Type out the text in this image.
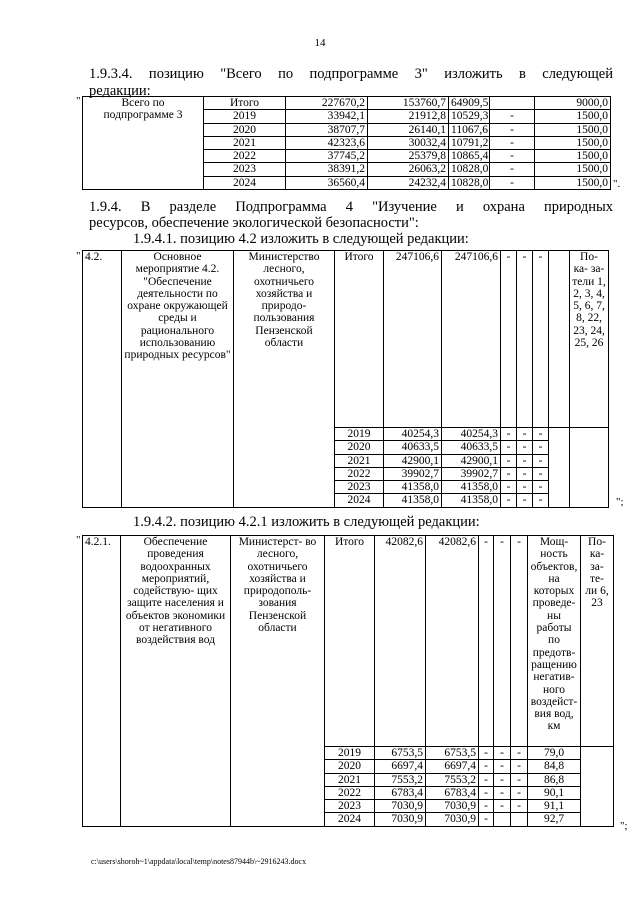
14
1.9.3.4. позицию "Всего по подпрограмме 3" изложить в следующей
редакции:
"	Всего по подпрограмме 3	Итого	227670,2	153760,7	64909,5		9000,0
	2019	33942,1	21912,8	10529,3	-	1500,0
	2020	38707,7	26140,1	11067,6	-	1500,0
	2021	42323,6	30032,4	10791,2	-	1500,0
	2022	37745,2	25379,8	10865,4	-	1500,0
	2023	38391,2	26063,2	10828,0	-	1500,0
	2024	36560,4	24232,4	10828,0	-	1500,0 ".
1.9.4. В разделе Подпрограмма 4 "Изучение и охрана природных
ресурсов, обеспечение экологической безопасности":
1.9.4.1. позицию 4.2 изложить в следующей редакции:
" 4.2.	Основное мероприятие 4.2. "Обеспечение деятельности по охране окружающей среды и рационального использованию природных ресурсов"	Министерство лесного, охотничьего хозяйства и природо- пользования Пензенской области	Итого	247106,6	247106,6	-	-	-		По- ка- за- тели 1, 2, 3, 4, 5, 6, 7, 8, 22, 23, 24, 25, 26
			2019	40254,3	40254,3	-	-	-		
			2020	40633,5	40633,5	-	-	-		
			2021	42900,1	42900,1	-	-	-		
			2022	39902,7	39902,7	-	-	-		
			2023	41358,0	41358,0	-	-	-		
			2024	41358,0	41358,0	-	-	-			";
1.9.4.2. позицию 4.2.1 изложить в следующей редакции:
" 4.2.1.	Обеспечение проведения водоохранных мероприятий, содействую- щих защите населения и объектов экономики от негативного воздействия вод	Министерст- во лесного, охотничьего хозяйства и природополь- зования Пензенской области	Итого	42082,6	42082,6	-	-	-	Мощ- ность объектов, на которых проведе- ны работы по предотв- ращению негатив- ного воздейст- вия вод, км	По- ка- за- те- ли 6, 23
			2019	6753,5	6753,5	-	-	-	79,0	
			2020	6697,4	6697,4	-	-	-	84,8	
			2021	7553,2	7553,2	-	-	-	86,8	
			2022	6783,4	6783,4	-	-	-	90,1	
			2023	7030,9	7030,9	-	-	-	91,1	
			2024	7030,9	7030,9	-			92,7	
";
c:\users\shoroh~1\appdata\local\temp\notes87944b\~2916243.docx
